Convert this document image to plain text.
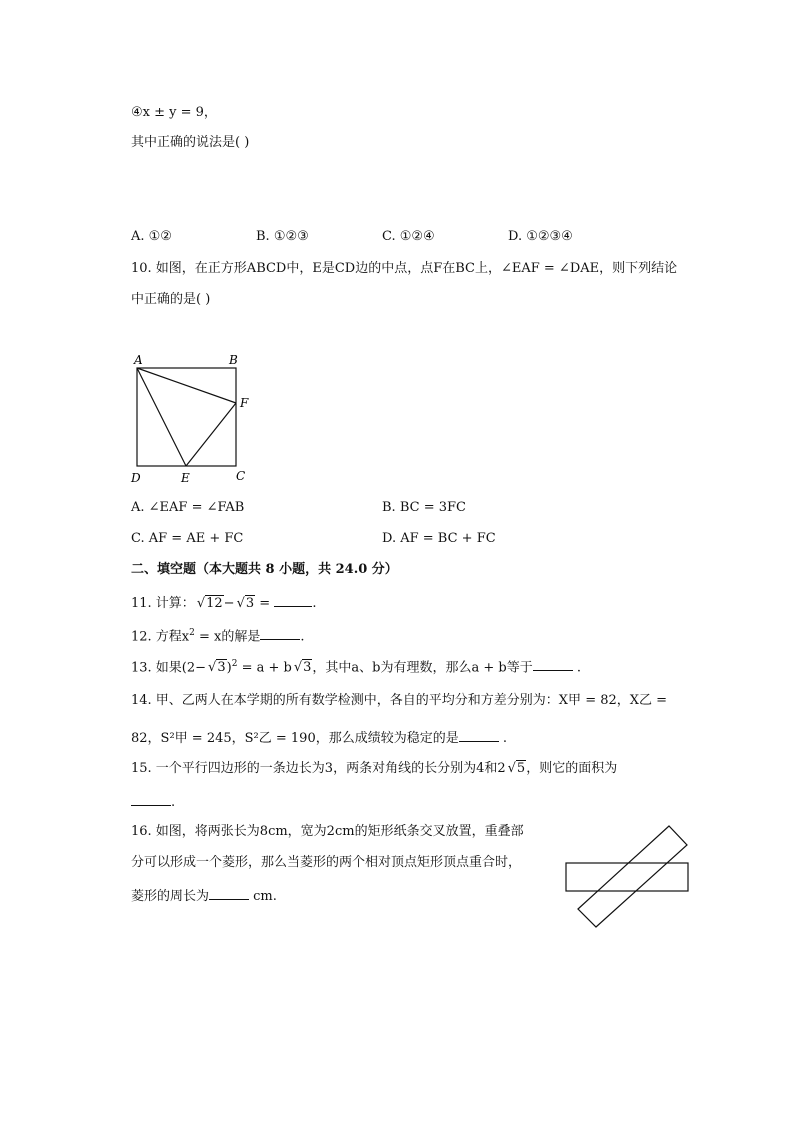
④x ± y = 9，
其中正确的说法是( )
A. ①②	B. ①②③	C. ①②④	D. ①②③④
10. 如图，在正方形ABCD中，E是CD边的中点，点F在BC上，∠EAF = ∠DAE，则下列结论
中正确的是( )
A	B
F
D	E	C
A. ∠EAF = ∠FAB	B. BC = 3FC
C. AF = AE + FC	D. AF = BC + FC
二、填空题（本大题共 8 小题，共 24.0 分）
11. 计算： √12− √3 =	.
12. 方程$x^2 = x$的解是	.
13. 如果$(2- √3)^2 = a + b$ √3，其中a、b为有理数，那么a + b等于	.
14. 甲、乙两人在本学期的所有数学检测中，各自的平均分和方差分别为：X甲 = 82，X乙 =
82，S²甲 = 245，S²乙 = 190，那么成绩较为稳定的是	.
15. 一个平行四边形的一条边长为3，两条对角线的长分别为4和2 √5，则它的面积为
.
16. 如图，将两张长为8cm，宽为2cm的矩形纸条交叉放置，重叠部
分可以形成一个菱形，那么当菱形的两个相对顶点矩形顶点重合时，
菱形的周长为	cm.
